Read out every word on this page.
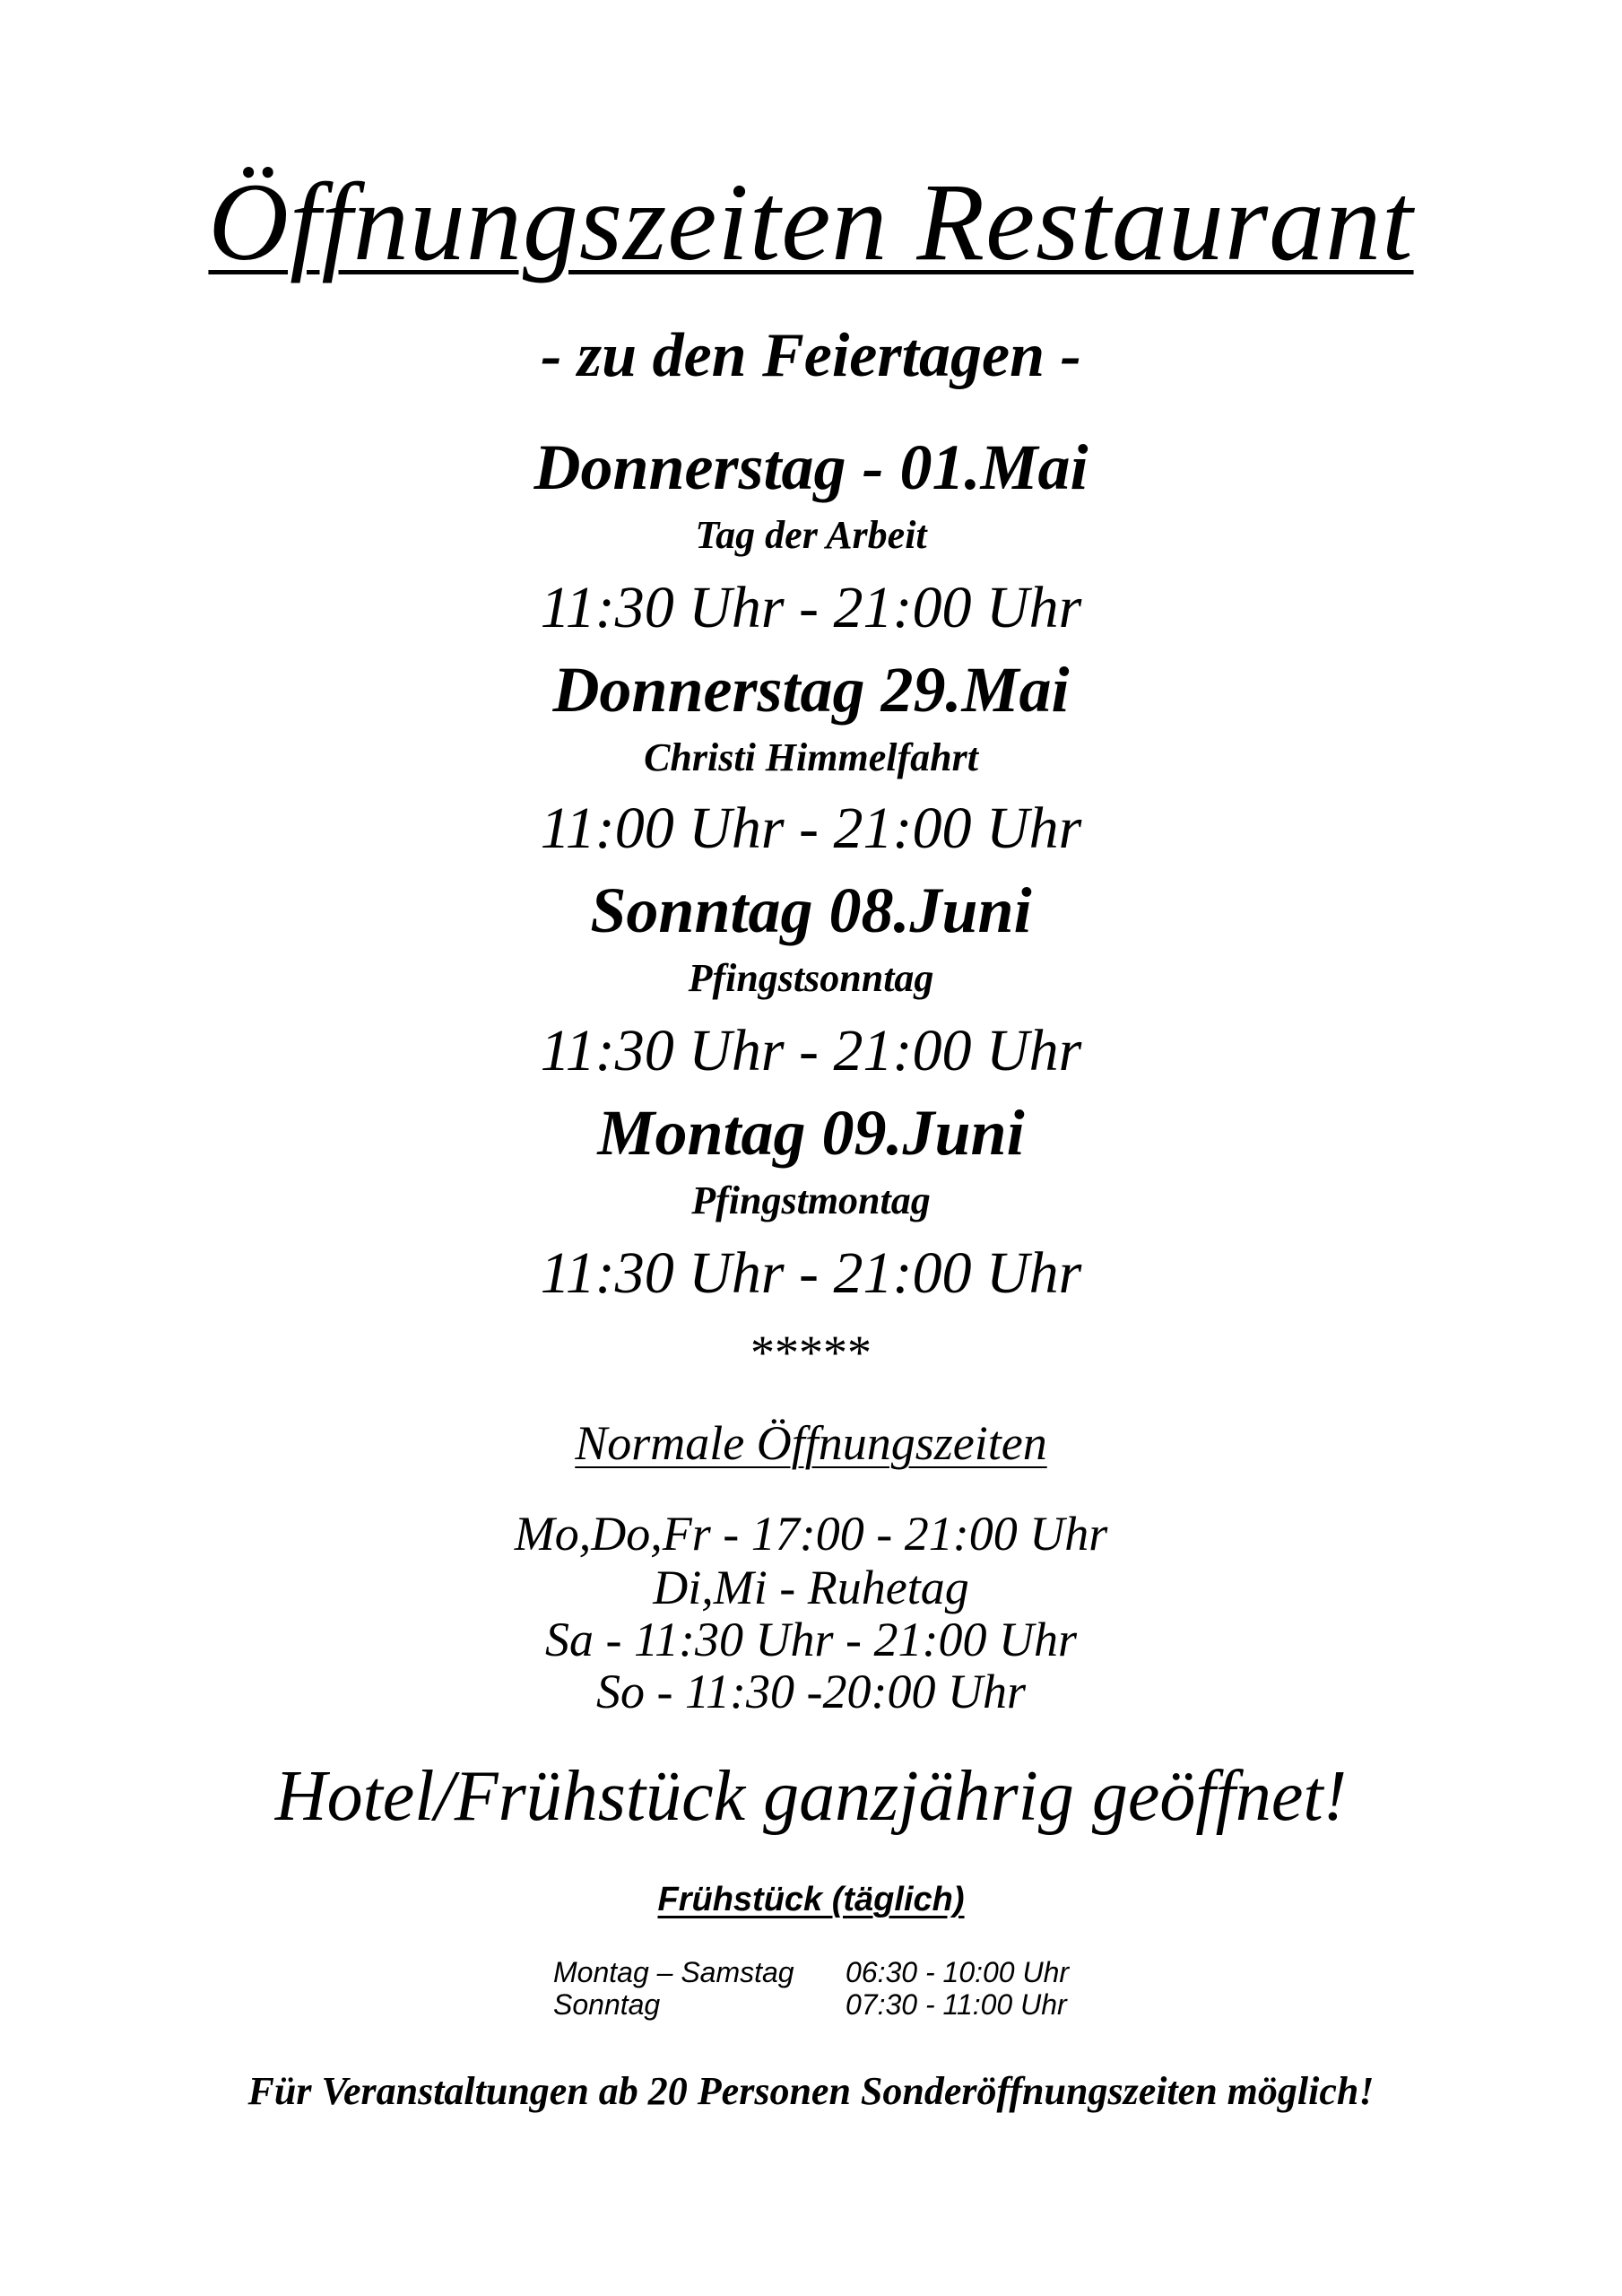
Öffnungszeiten Restaurant
- zu den Feiertagen -
Donnerstag - 01.Mai
Tag der Arbeit
11:30 Uhr - 21:00 Uhr
Donnerstag 29.Mai
Christi Himmelfahrt
11:00 Uhr - 21:00 Uhr
Sonntag 08.Juni
Pfingstsonntag
11:30 Uhr - 21:00 Uhr
Montag 09.Juni
Pfingstmontag
11:30 Uhr - 21:00 Uhr
*****
Normale Öffnungszeiten
Mo,Do,Fr - 17:00 - 21:00 Uhr
Di,Mi - Ruhetag
Sa - 11:30 Uhr - 21:00 Uhr
So - 11:30 -20:00 Uhr
Hotel/Frühstück ganzjährig geöffnet!
Frühstück (täglich)
Montag – Samstag 06:30 - 10:00 Uhr
Sonntag	07:30 - 11:00 Uhr
Für Veranstaltungen ab 20 Personen Sonderöffnungszeiten möglich!
